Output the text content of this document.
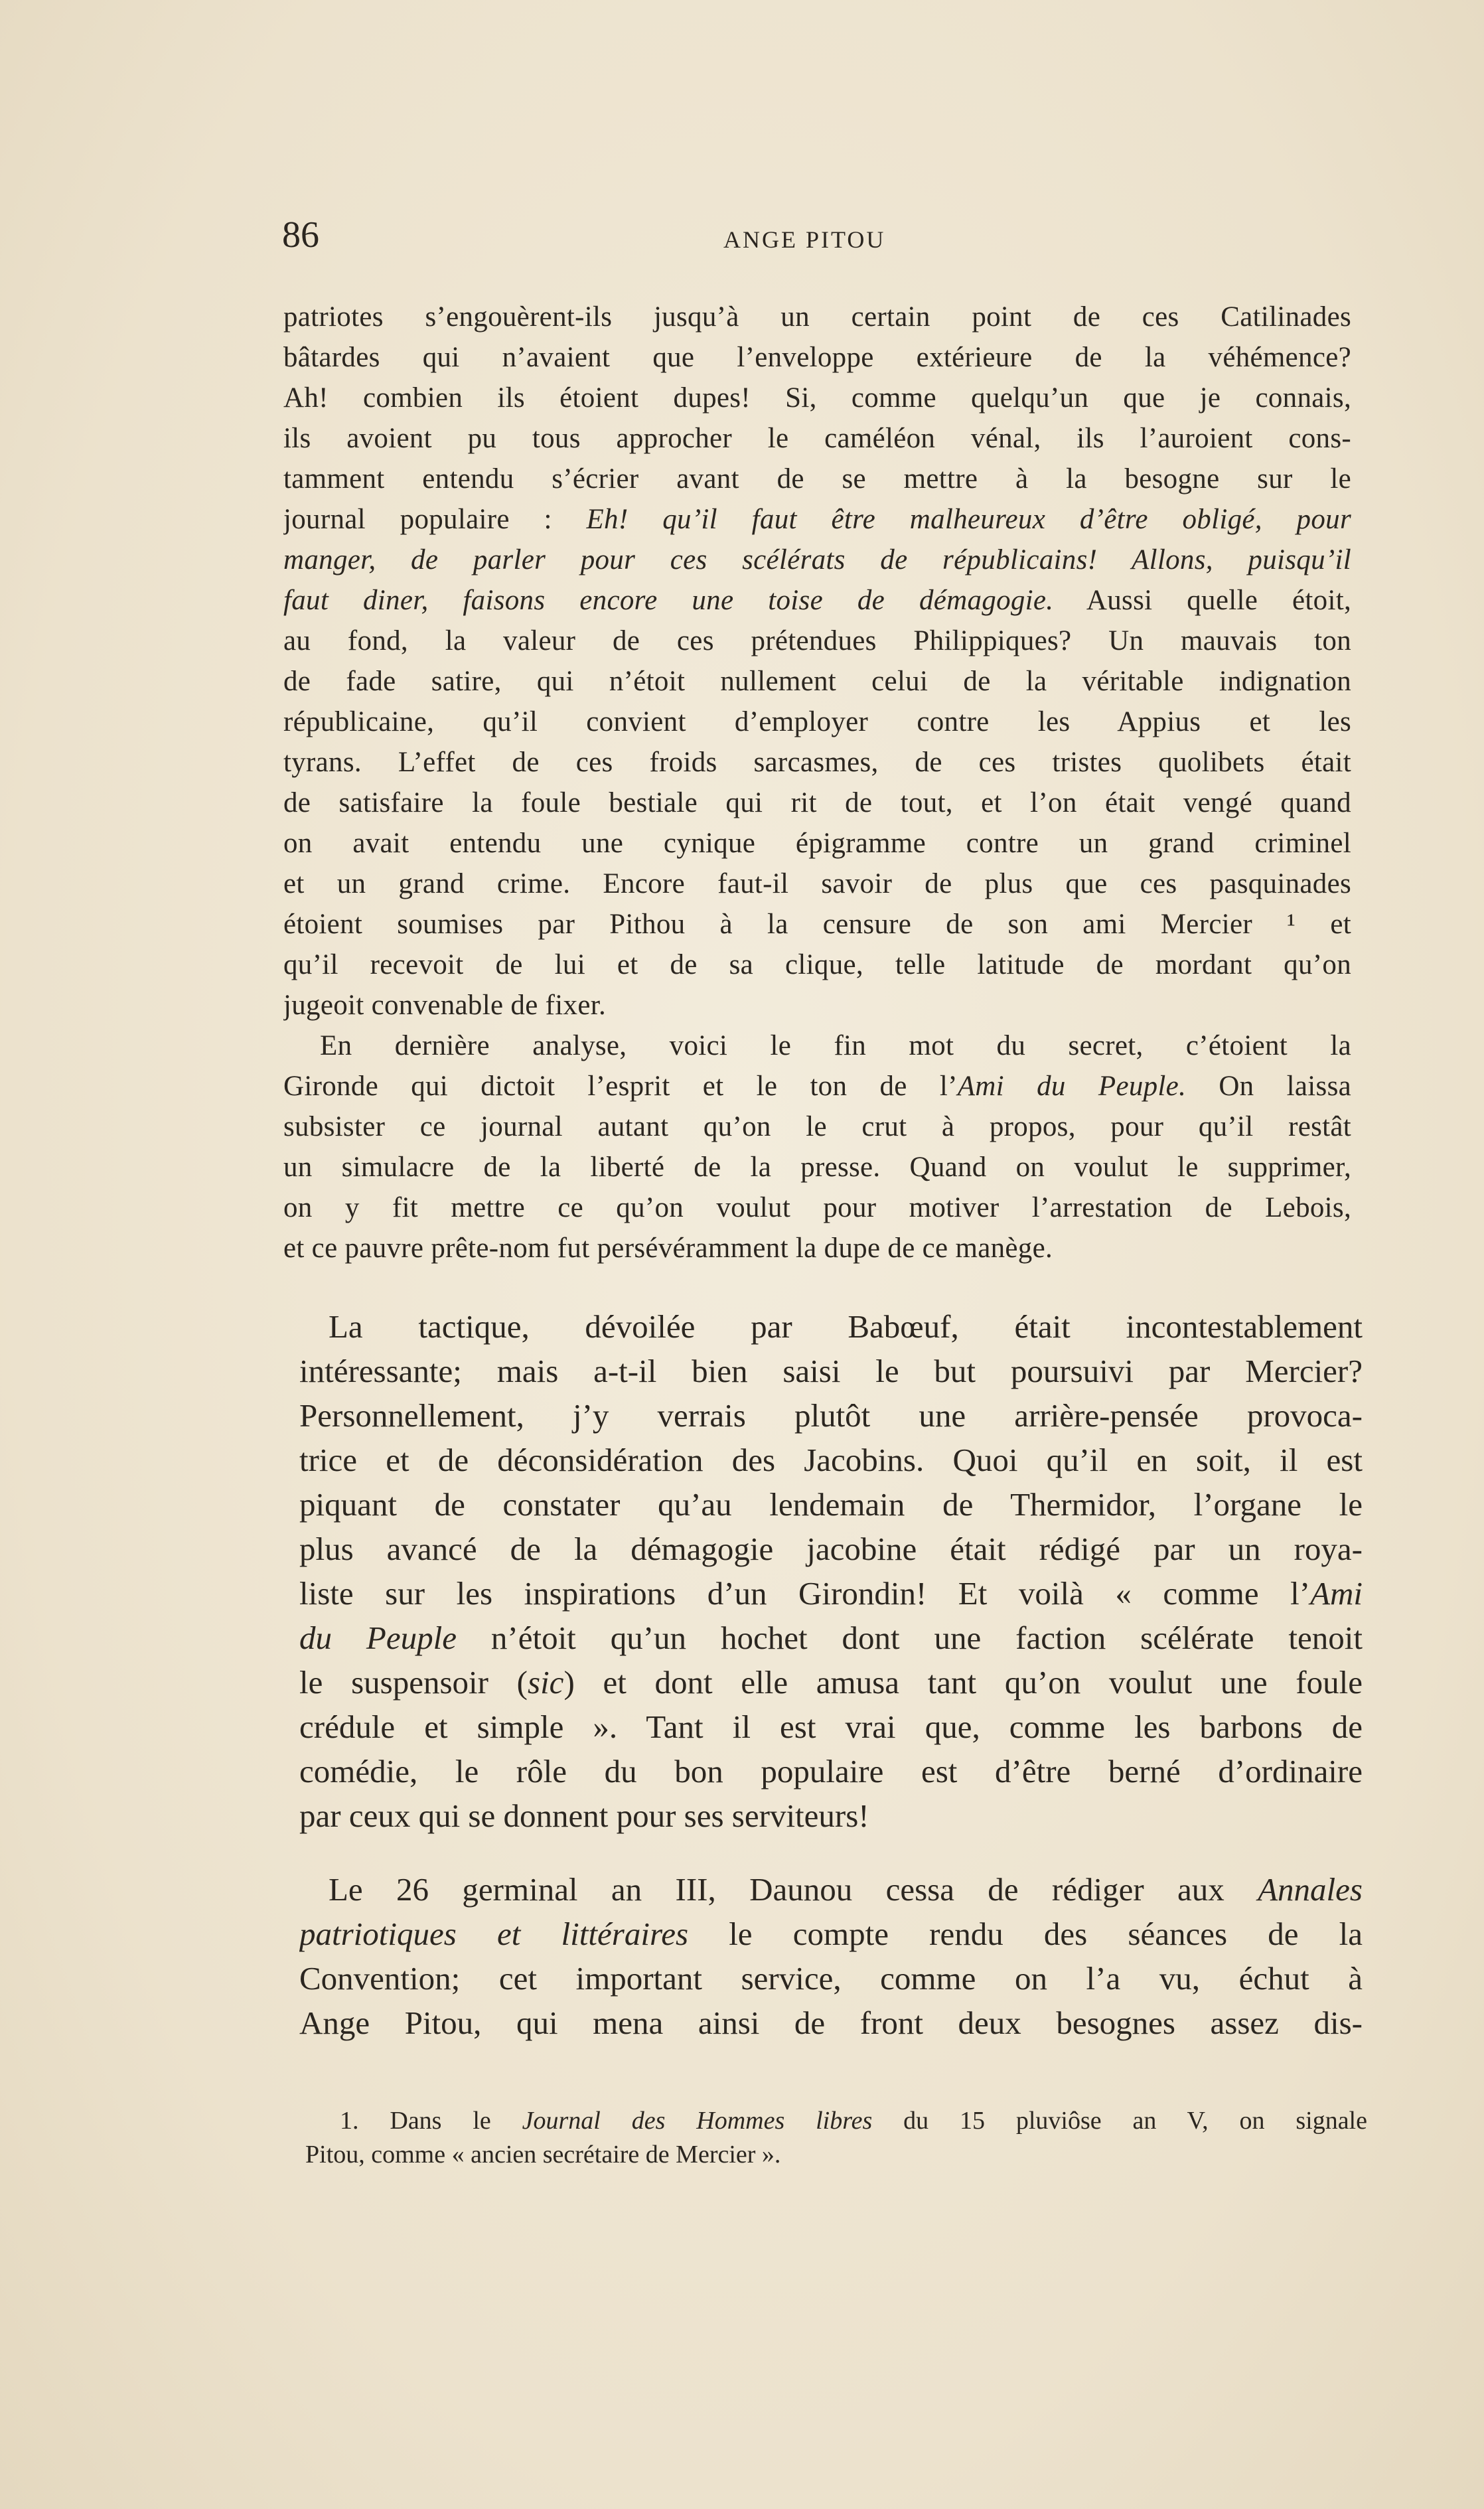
86	ANGE PITOU
patriotes s’engouèrent-ils jusqu’à un certain point de ces Catilinades
bâtardes qui n’avaient que l’enveloppe extérieure de la véhémence?
Ah! combien ils étoient dupes! Si, comme quelqu’un que je connais,
ils avoient pu tous approcher le caméléon vénal, ils l’auroient cons-
tamment entendu s’écrier avant de se mettre à la besogne sur le
journal populaire : Eh! qu’il faut être malheureux d’être obligé, pour
manger, de parler pour ces scélérats de républicains! Allons, puisqu’il
faut diner, faisons encore une toise de démagogie. Aussi quelle étoit,
au fond, la valeur de ces prétendues Philippiques? Un mauvais ton
de fade satire, qui n’étoit nullement celui de la véritable indignation
républicaine, qu’il convient d’employer contre les Appius et les
tyrans. L’effet de ces froids sarcasmes, de ces tristes quolibets était
de satisfaire la foule bestiale qui rit de tout, et l’on était vengé quand
on avait entendu une cynique épigramme contre un grand criminel
et un grand crime. Encore faut-il savoir de plus que ces pasquinades
étoient soumises par Pithou à la censure de son ami Mercier ¹ et
qu’il recevoit de lui et de sa clique, telle latitude de mordant qu’on
jugeoit convenable de fixer.
En dernière analyse, voici le fin mot du secret, c’étoient la
Gironde qui dictoit l’esprit et le ton de l’Ami du Peuple. On laissa
subsister ce journal autant qu’on le crut à propos, pour qu’il restât
un simulacre de la liberté de la presse. Quand on voulut le supprimer,
on y fit mettre ce qu’on voulut pour motiver l’arrestation de Lebois,
et ce pauvre prête-nom fut persévéramment la dupe de ce manège.
La tactique, dévoilée par Babœuf, était incontestablement
intéressante; mais a-t-il bien saisi le but poursuivi par Mercier?
Personnellement, j’y verrais plutôt une arrière-pensée provoca-
trice et de déconsidération des Jacobins. Quoi qu’il en soit, il est
piquant de constater qu’au lendemain de Thermidor, l’organe le
plus avancé de la démagogie jacobine était rédigé par un roya-
liste sur les inspirations d’un Girondin! Et voilà « comme l’Ami
du Peuple n’étoit qu’un hochet dont une faction scélérate tenoit
le suspensoir (sic) et dont elle amusa tant qu’on voulut une foule
crédule et simple ». Tant il est vrai que, comme les barbons de
comédie, le rôle du bon populaire est d’être berné d’ordinaire
par ceux qui se donnent pour ses serviteurs!
Le 26 germinal an III, Daunou cessa de rédiger aux Annales
patriotiques et littéraires le compte rendu des séances de la
Convention; cet important service, comme on l’a vu, échut à
Ange Pitou, qui mena ainsi de front deux besognes assez dis-
1. Dans le Journal des Hommes libres du 15 pluviôse an V, on signale
Pitou, comme « ancien secrétaire de Mercier ».
